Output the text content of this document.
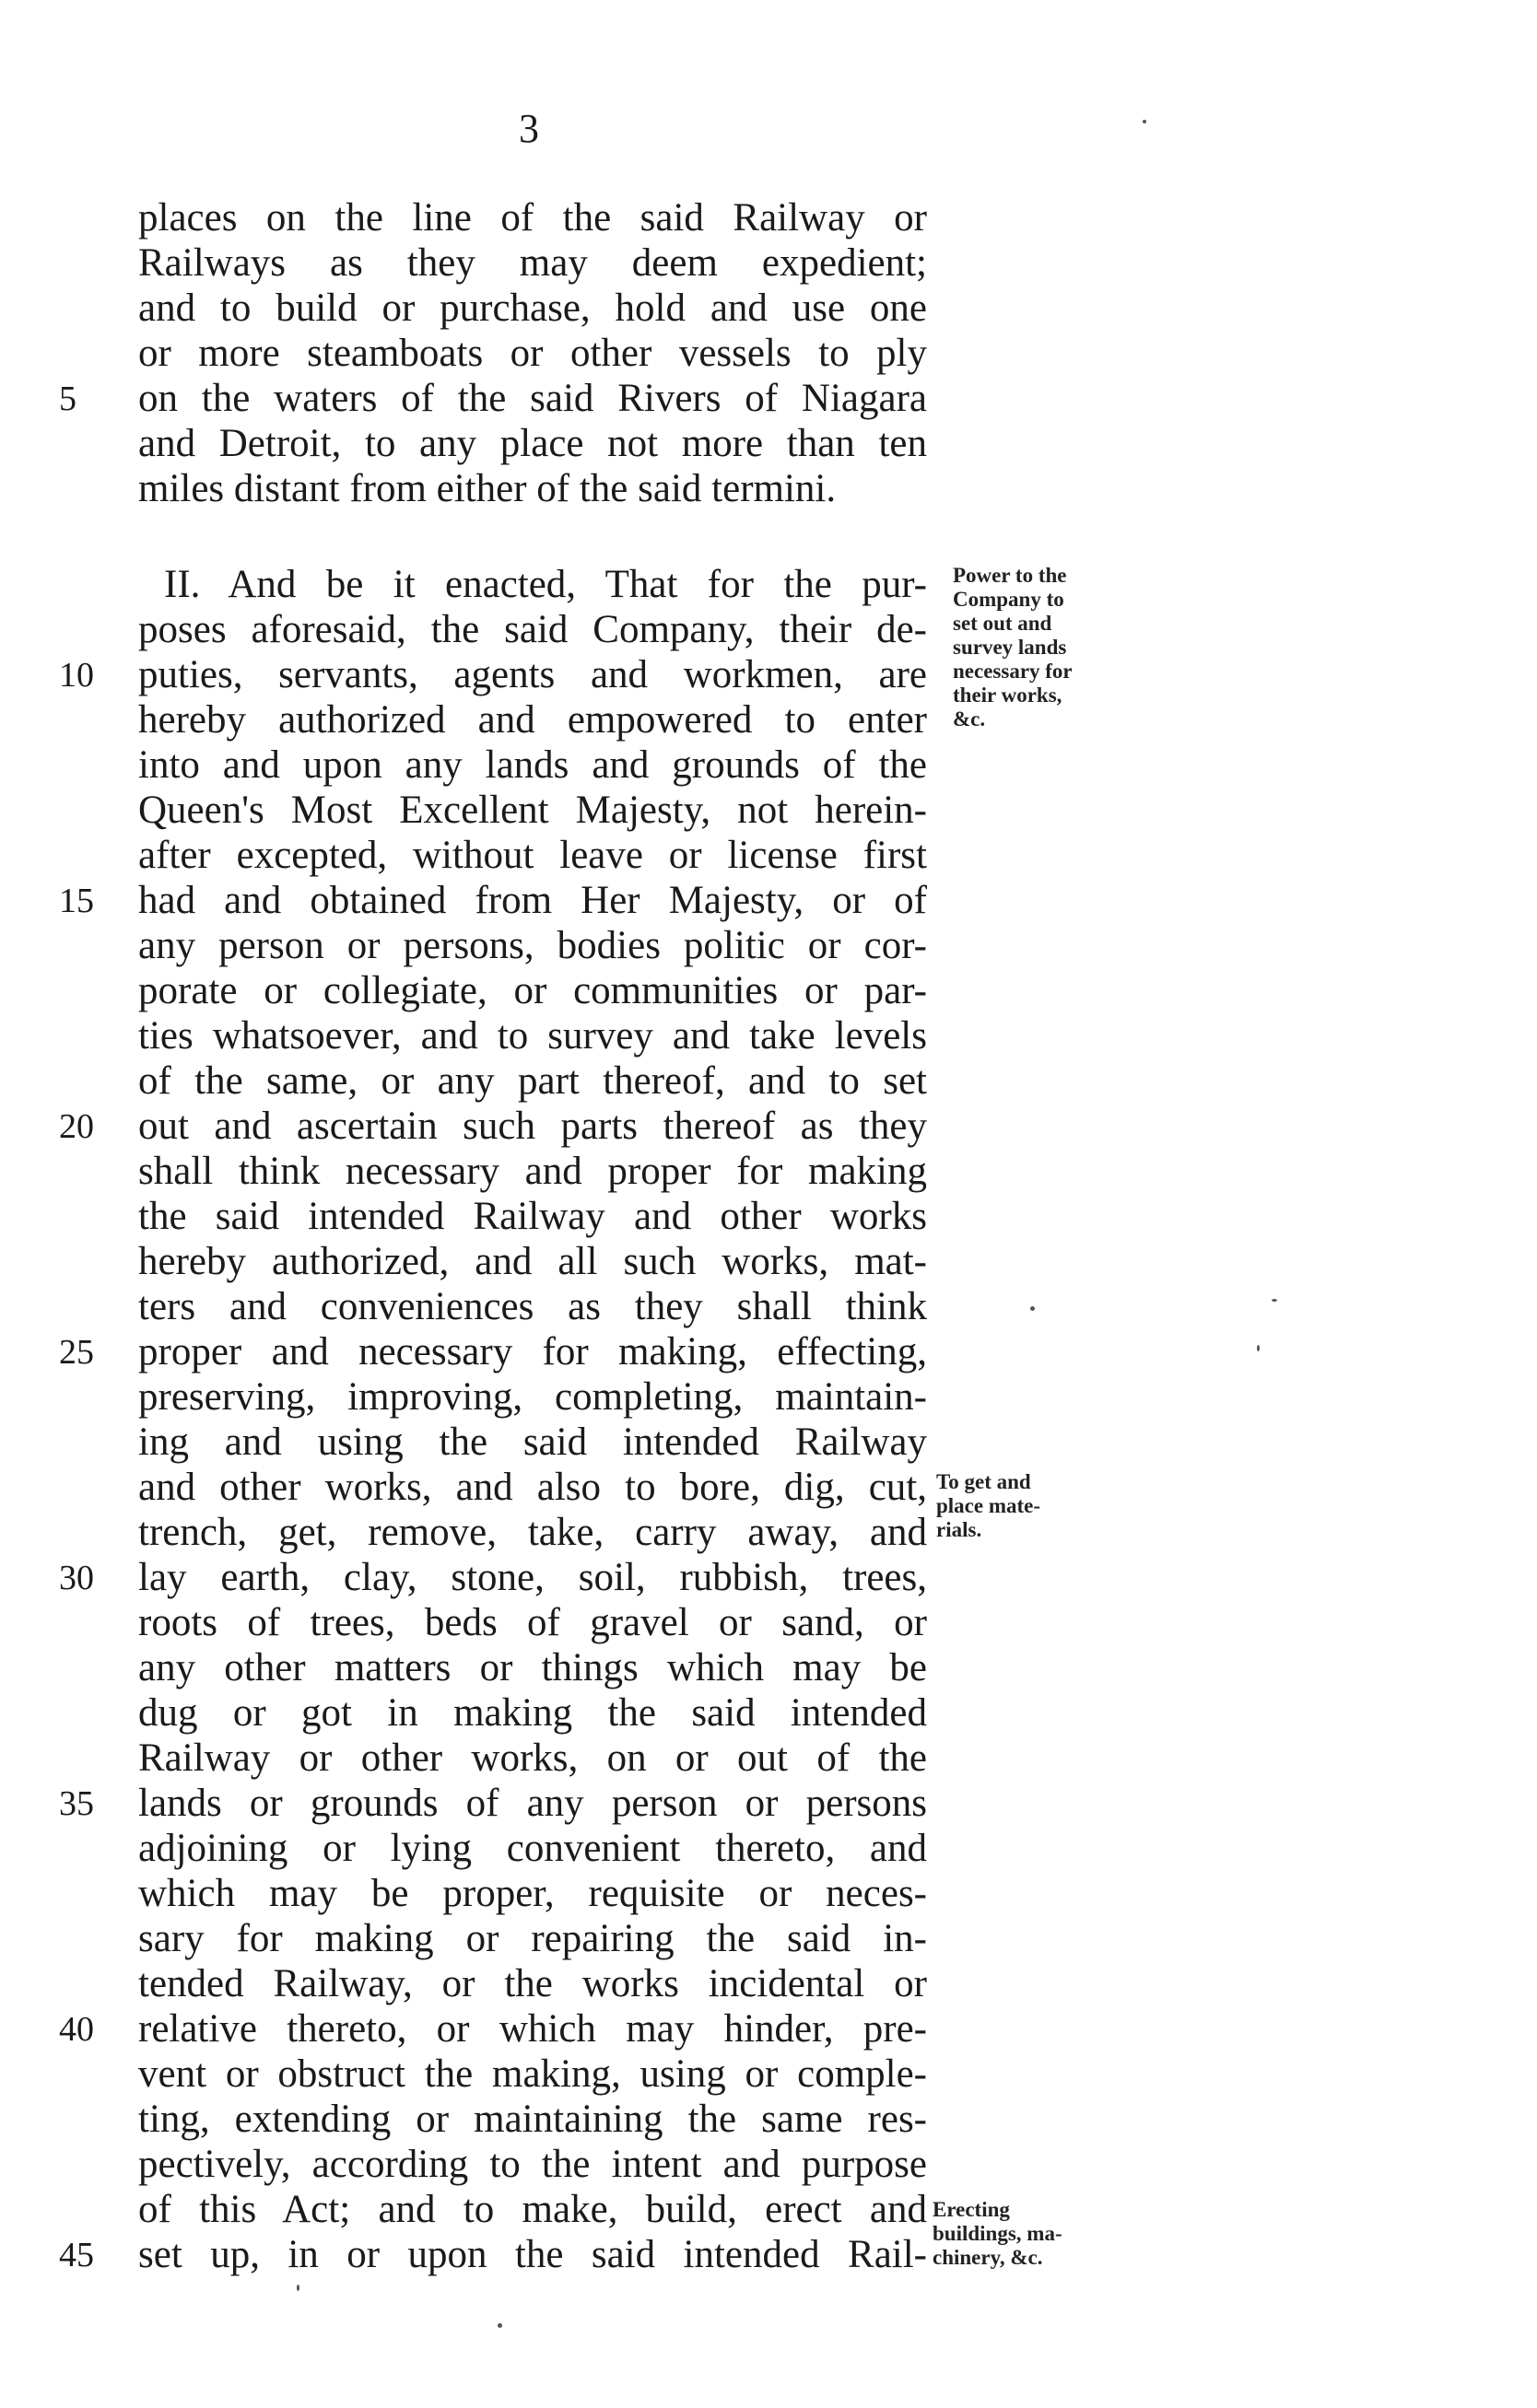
3
places on the line of the said Railway or
Railways as they may deem expedient;
and to build or purchase, hold and use one
or more steamboats or other vessels to ply
on the waters of the said Rivers of Niagara
and Detroit, to any place not more than ten
miles distant from either of the said termini.
II. And be it enacted, That for the pur-
poses aforesaid, the said Company, their de-
puties, servants, agents and workmen, are
hereby authorized and empowered to enter
into and upon any lands and grounds of the
Queen's Most Excellent Majesty, not herein-
after excepted, without leave or license first
had and obtained from Her Majesty, or of
any person or persons, bodies politic or cor-
porate or collegiate, or communities or par-
ties whatsoever, and to survey and take levels
of the same, or any part thereof, and to set
out and ascertain such parts thereof as they
shall think necessary and proper for making
the said intended Railway and other works
hereby authorized, and all such works, mat-
ters and conveniences as they shall think
proper and necessary for making, effecting,
preserving, improving, completing, maintain-
ing and using the said intended Railway
and other works, and also to bore, dig, cut,
trench, get, remove, take, carry away, and
lay earth, clay, stone, soil, rubbish, trees,
roots of trees, beds of gravel or sand, or
any other matters or things which may be
dug or got in making the said intended
Railway or other works, on or out of the
lands or grounds of any person or persons
adjoining or lying convenient thereto, and
which may be proper, requisite or neces-
sary for making or repairing the said in-
tended Railway, or the works incidental or
relative thereto, or which may hinder, pre-
vent or obstruct the making, using or comple-
ting, extending or maintaining the same res-
pectively, according to the intent and purpose
of this Act; and to make, build, erect and
set up, in or upon the said intended Rail-
5
10
15
20
25
30
35
40
45
Power to the
Company to
set out and
survey lands
necessary for
their works,
&c.
To get and
place mate-
rials.
Erecting
buildings, ma-
chinery, &c.
